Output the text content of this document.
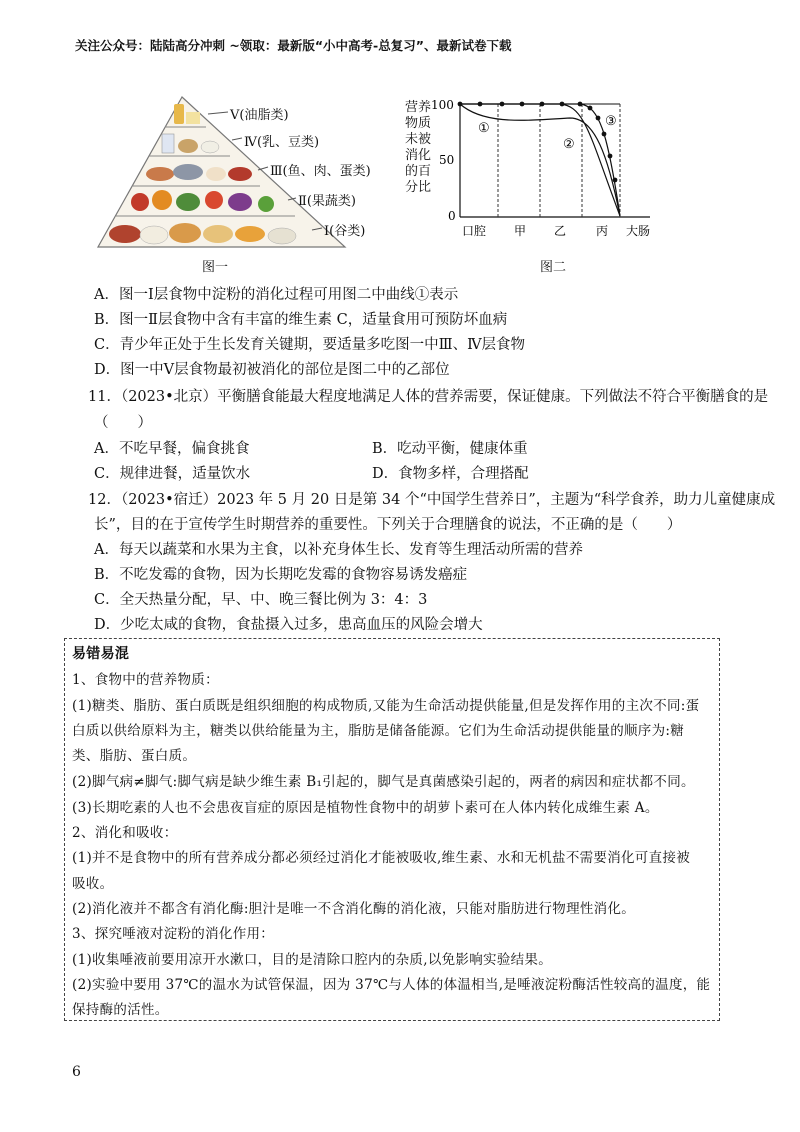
关注公众号：陆陆高分冲刺 ~领取：最新版“小中高考-总复习”、最新试卷下载
Ⅴ(油脂类)
Ⅳ(乳、豆类)
Ⅲ(鱼、肉、蛋类)
Ⅱ(果蔬类)
Ⅰ(谷类)
图一
营养
物质
未被
消化
的百
分比
100
50
0
①
②
③
口腔 甲 乙 丙 大肠
图二
A．图一Ⅰ层食物中淀粉的消化过程可用图二中曲线①表示
B．图一Ⅱ层食物中含有丰富的维生素 C，适量食用可预防坏血病
C．青少年正处于生长发育关键期，要适量多吃图一中Ⅲ、Ⅳ层食物
D．图一中Ⅴ层食物最初被消化的部位是图二中的乙部位
11．（2023•北京）平衡膳食能最大程度地满足人体的营养需要，保证健康。下列做法不符合平衡膳食的是
（　　）
A．不吃早餐，偏食挑食	B．吃动平衡，健康体重
C．规律进餐，适量饮水	D．食物多样，合理搭配
12．（2023•宿迁）2023 年 5 月 20 日是第 34 个“中国学生营养日”，主题为“科学食养，助力儿童健康成
长”，目的在于宣传学生时期营养的重要性。下列关于合理膳食的说法，不正确的是（　　）
A．每天以蔬菜和水果为主食，以补充身体生长、发育等生理活动所需的营养
B．不吃发霉的食物，因为长期吃发霉的食物容易诱发癌症
C．全天热量分配，早、中、晚三餐比例为 3：4：3
D．少吃太咸的食物，食盐摄入过多，患高血压的风险会增大
易错易混
1、食物中的营养物质：
(1)糖类、脂肪、蛋白质既是组织细胞的构成物质,又能为生命活动提供能量,但是发挥作用的主次不同:蛋
白质以供给原料为主，糖类以供给能量为主，脂肪是储备能源。它们为生命活动提供能量的顺序为:糖
类、脂肪、蛋白质。
(2)脚气病≠脚气:脚气病是缺少维生素 B₁引起的，脚气是真菌感染引起的，两者的病因和症状都不同。
(3)长期吃素的人也不会患夜盲症的原因是植物性食物中的胡萝卜素可在人体内转化成维生素 A。
2、消化和吸收：
(1)并不是食物中的所有营养成分都必须经过消化才能被吸收,维生素、水和无机盐不需要消化可直接被
吸收。
(2)消化液并不都含有消化酶:胆汁是唯一不含消化酶的消化液，只能对脂肪进行物理性消化。
3、探究唾液对淀粉的消化作用：
(1)收集唾液前要用凉开水漱口，目的是清除口腔内的杂质,以免影响实验结果。
(2)实验中要用 37℃的温水为试管保温，因为 37℃与人体的体温相当,是唾液淀粉酶活性较高的温度，能
保持酶的活性。
6
